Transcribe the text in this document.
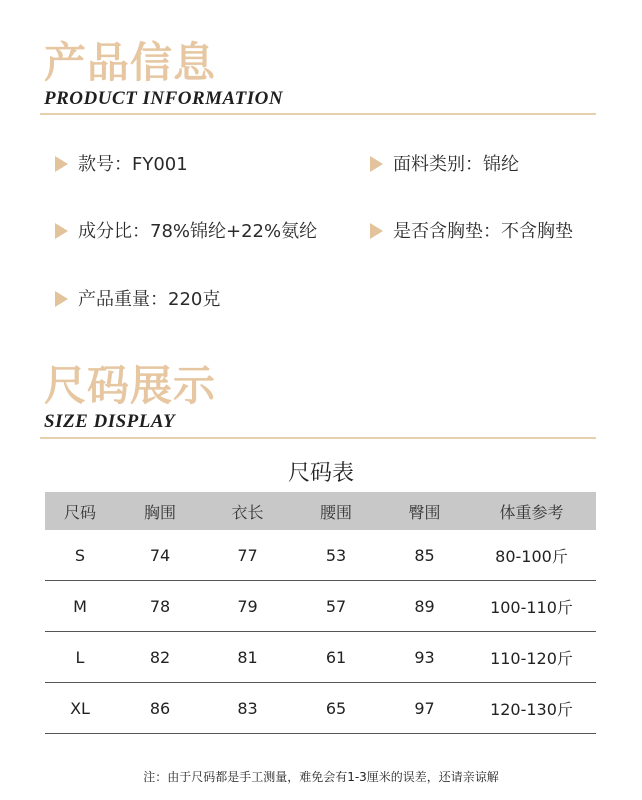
产品信息
PRODUCT INFORMATION
款号：FY001	面料类别：锦纶
成分比：78%锦纶+22%氨纶	是否含胸垫：不含胸垫
产品重量：220克
尺码展示
SIZE DISPLAY
尺码表
尺码	胸围	衣长	腰围	臀围	体重参考
S	74	77	53	85	80-100斤
M	78	79	57	89	100-110斤
L	82	81	61	93	110-120斤
XL	86	83	65	97	120-130斤
注：由于尺码都是手工测量，难免会有1-3厘米的误差，还请亲谅解
